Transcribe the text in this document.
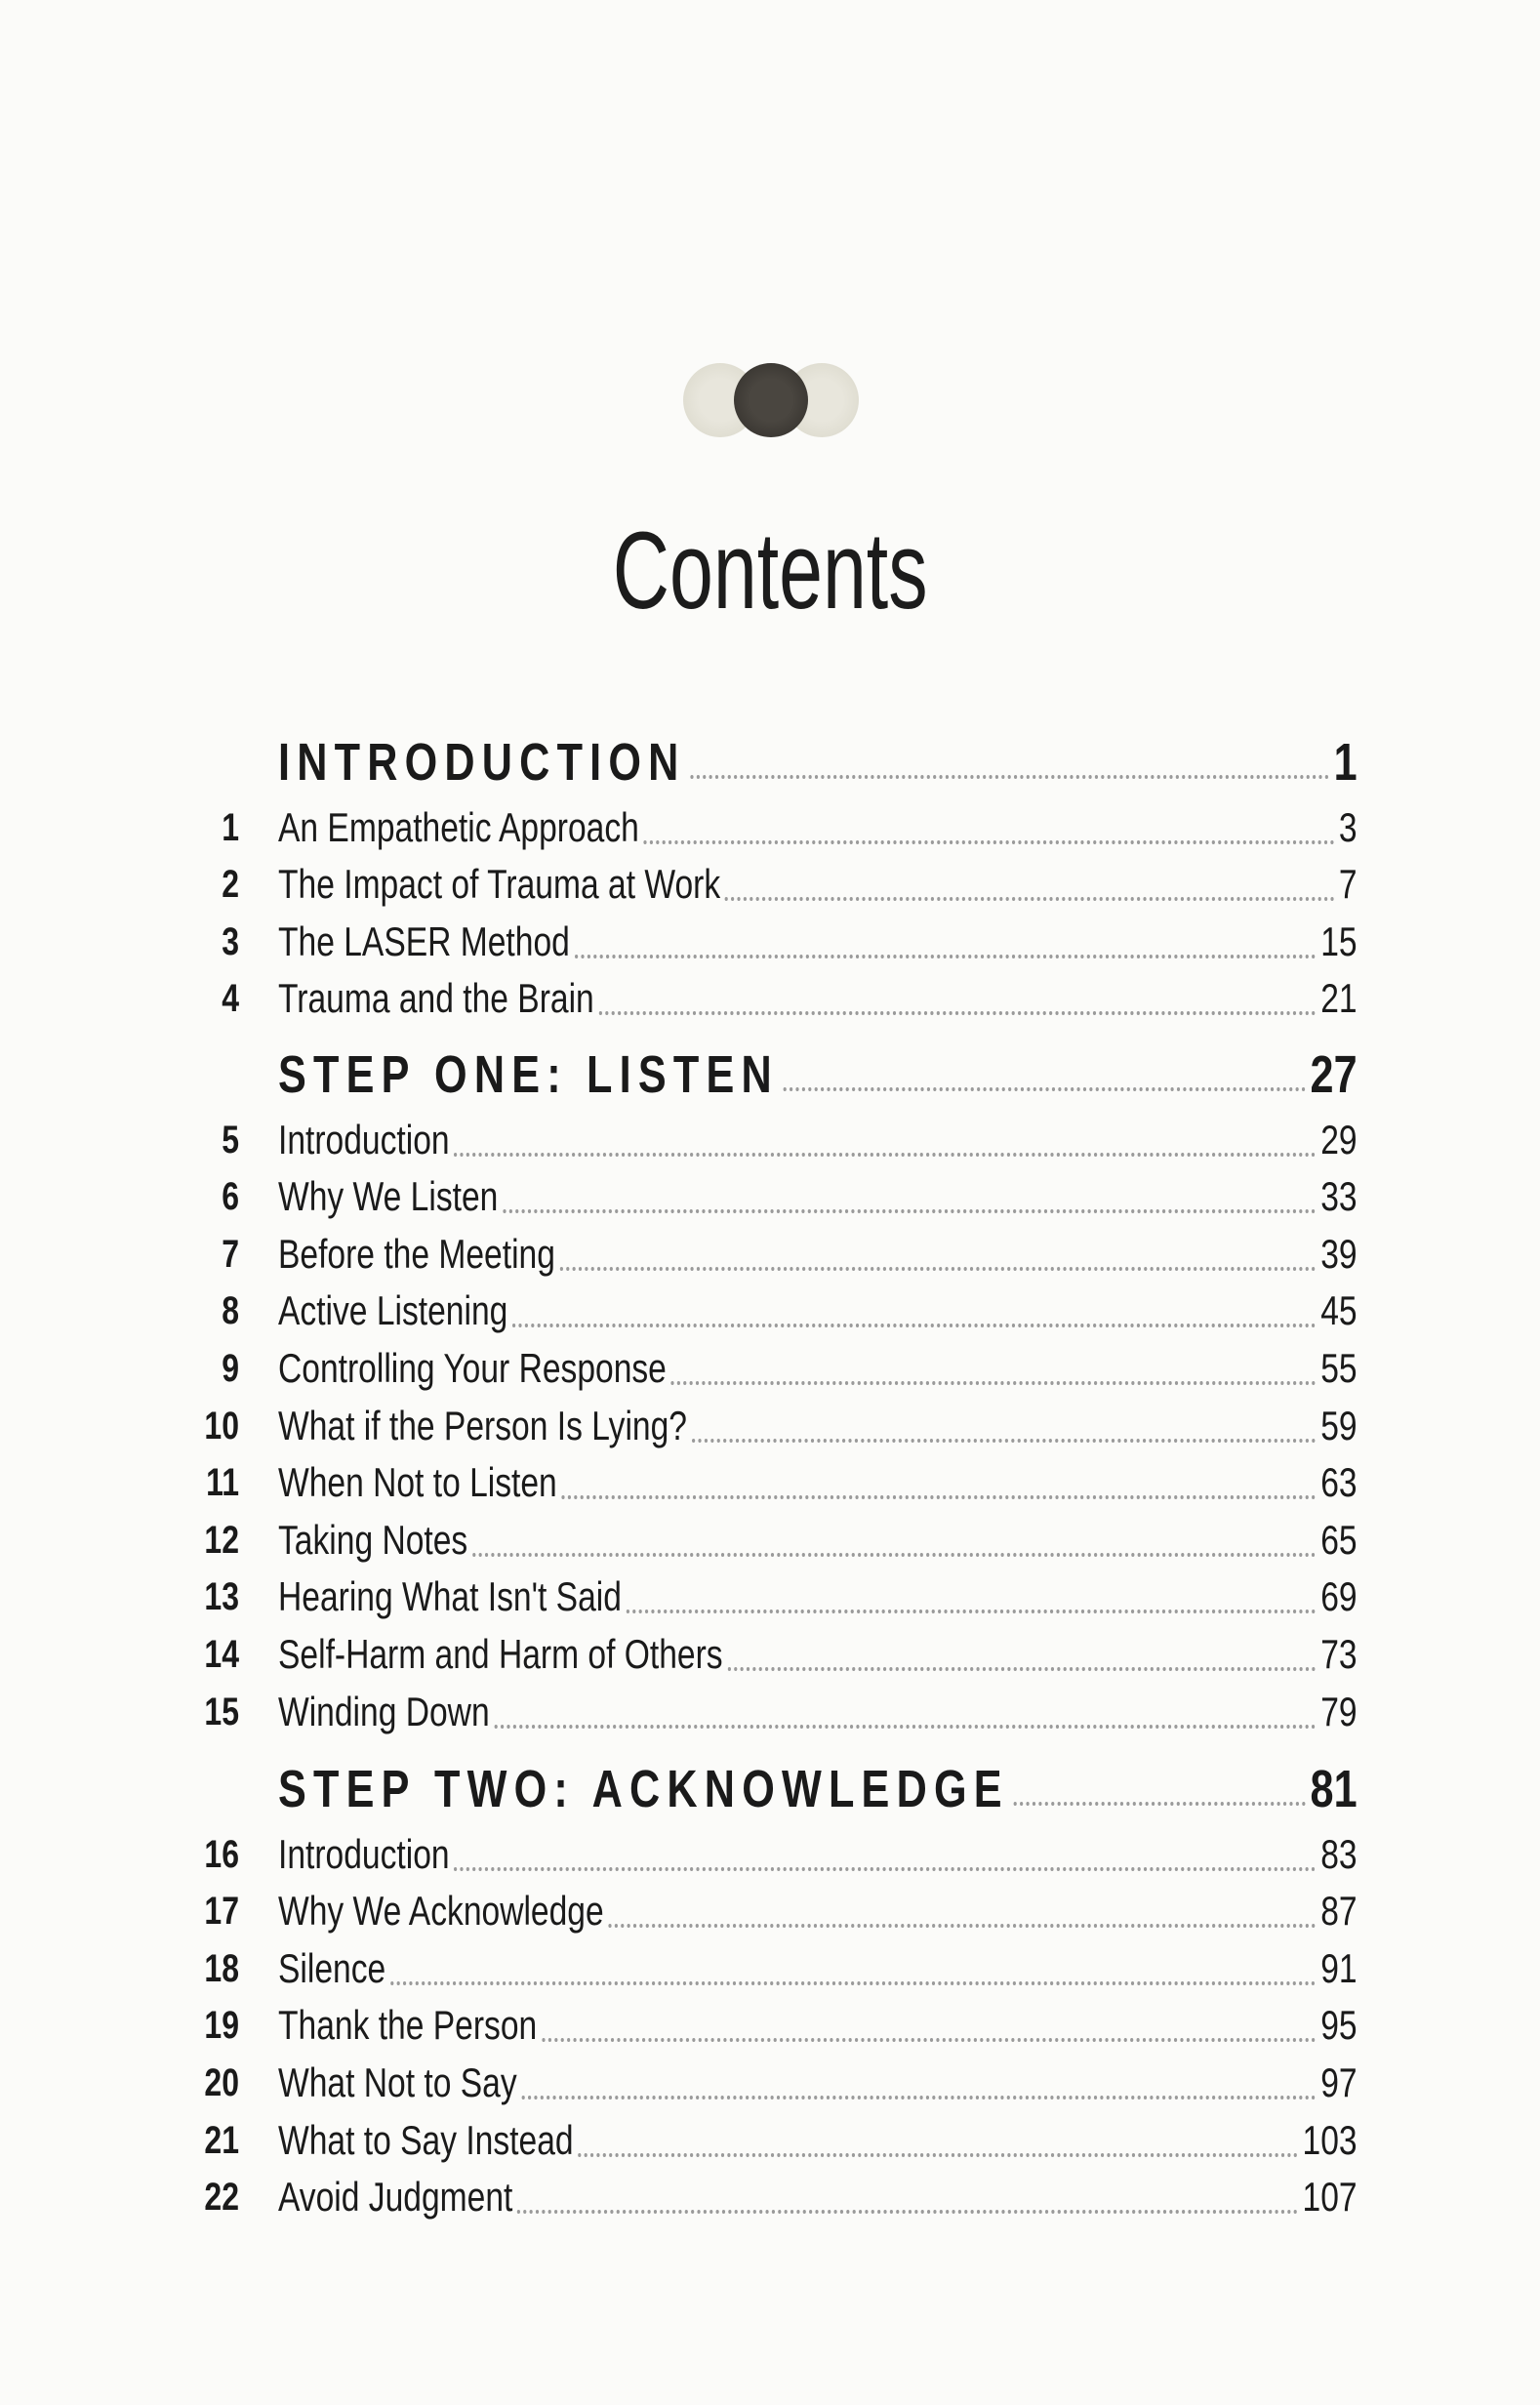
Contents
INTRODUCTION	1
1 An Empathetic Approach	3
2 The Impact of Trauma at Work	7
3 The LASER Method	15
4 Trauma and the Brain	21
STEP ONE: LISTEN	27
5 Introduction	29
6 Why We Listen	33
7 Before the Meeting	39
8 Active Listening	45
9 Controlling Your Response	55
10 What if the Person Is Lying?	59
11 When Not to Listen	63
12 Taking Notes	65
13 Hearing What Isn't Said	69
14 Self-Harm and Harm of Others	73
15 Winding Down	79
STEP TWO: ACKNOWLEDGE	81
16 Introduction	83
17 Why We Acknowledge	87
18 Silence	91
19 Thank the Person	95
20 What Not to Say	97
21 What to Say Instead	103
22 Avoid Judgment	107
